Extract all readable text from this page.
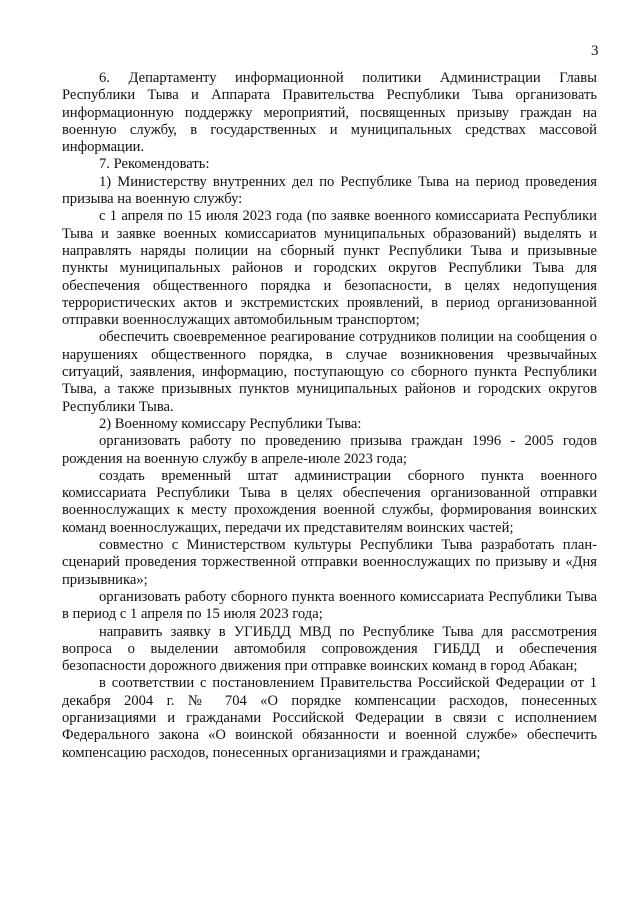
3

6. Департаменту информационной политики Администрации Главы Республики Тыва и Аппарата Правительства Республики Тыва организовать информационную поддержку мероприятий, посвященных призыву граждан на военную службу, в государственных и муниципальных средствах массовой информации.

7. Рекомендовать:

1) Министерству внутренних дел по Республике Тыва на период проведения призыва на военную службу:

с 1 апреля по 15 июля 2023 года (по заявке военного комиссариата Республики Тыва и заявке военных комиссариатов муниципальных образований) выделять и направлять наряды полиции на сборный пункт Республики Тыва и призывные пункты муниципальных районов и городских округов Республики Тыва для обеспечения общественного порядка и безопасности, в целях недопущения террористических актов и экстремистских проявлений, в период организованной отправки военнослужащих автомобильным транспортом;

обеспечить своевременное реагирование сотрудников полиции на сообщения о нарушениях общественного порядка, в случае возникновения чрезвычайных ситуаций, заявления, информацию, поступающую со сборного пункта Республики Тыва, а также призывных пунктов муниципальных районов и городских округов Республики Тыва.

2) Военному комиссару Республики Тыва:

организовать работу по проведению призыва граждан 1996 - 2005 годов рождения на военную службу в апреле-июле 2023 года;

создать временный штат администрации сборного пункта военного комиссариата Республики Тыва в целях обеспечения организованной отправки военнослужащих к месту прохождения военной службы, формирования воинских команд военнослужащих, передачи их представителям воинских частей;

совместно с Министерством культуры Республики Тыва разработать план-сценарий проведения торжественной отправки военнослужащих по призыву и «Дня призывника»;

организовать работу сборного пункта военного комиссариата Республики Тыва в период с 1 апреля по 15 июля 2023 года;

направить заявку в УГИБДД МВД по Республике Тыва для рассмотрения вопроса о выделении автомобиля сопровождения ГИБДД и обеспечения безопасности дорожного движения при отправке воинских команд в город Абакан;

в соответствии с постановлением Правительства Российской Федерации от 1 декабря 2004 г. № 704 «О порядке компенсации расходов, понесенных организациями и гражданами Российской Федерации в связи с исполнением Федерального закона «О воинской обязанности и военной службе» обеспечить компенсацию расходов, понесенных организациями и гражданами;
